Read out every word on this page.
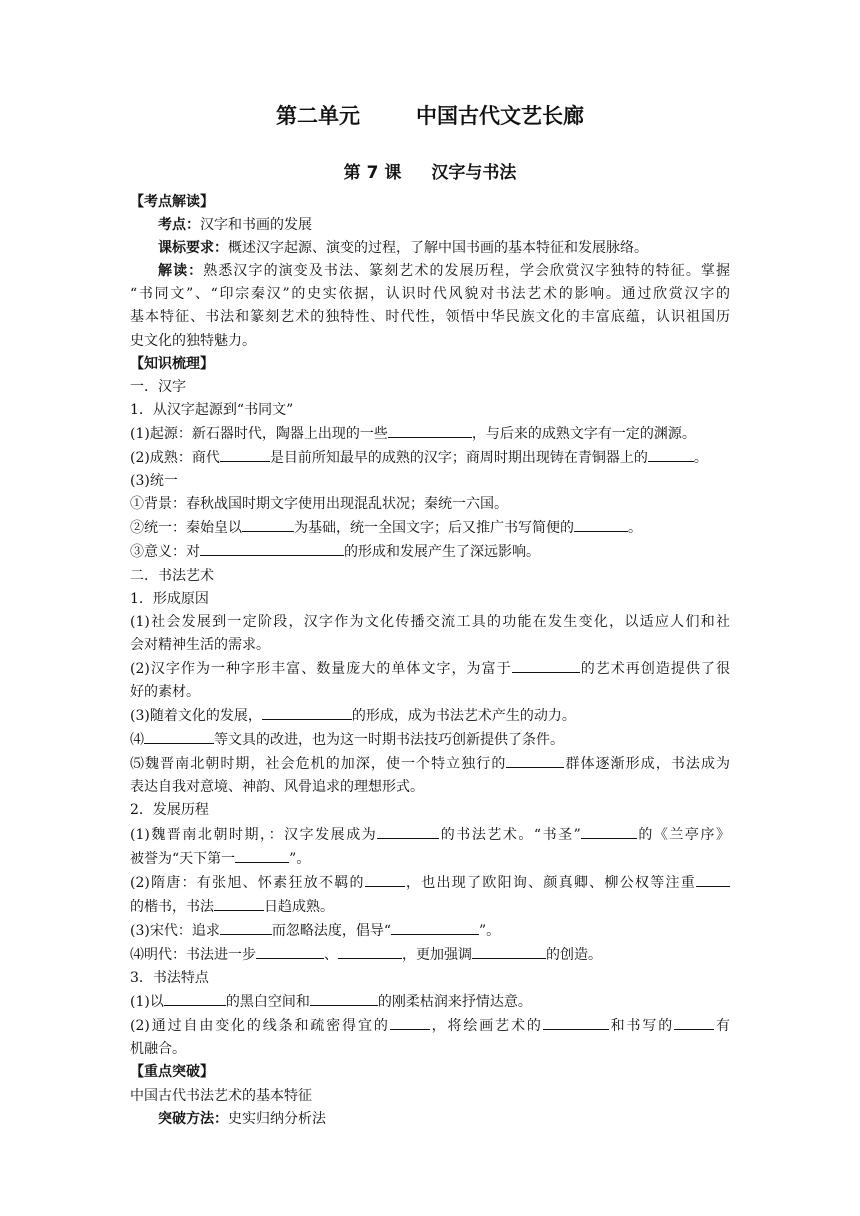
第二单元	中国古代文艺长廊
第 7 课 汉字与书法

【考点解读】

考点：汉字和书画的发展

课标要求：概述汉字起源、演变的过程，了解中国书画的基本特征和发展脉络。

解读：熟悉汉字的演变及书法、篆刻艺术的发展历程，学会欣赏汉字独特的特征。掌握

“书同文”、“印宗秦汉”的史实依据，认识时代风貌对书法艺术的影响。通过欣赏汉字的

基本特征、书法和篆刻艺术的独特性、时代性，领悟中华民族文化的丰富底蕴，认识祖国历

史文化的独特魅力。

【知识梳理】

一．汉字

1．从汉字起源到“书同文”

(1)起源：新石器时代，陶器上出现的一些	，与后来的成熟文字有一定的渊源。

(2)成熟：商代	是目前所知最早的成熟的汉字；商周时期出现铸在青铜器上的	。

(3)统一

①背景：春秋战国时期文字使用出现混乱状况；秦统一六国。

②统一：秦始皇以	为基础，统一全国文字；后又推广书写简便的	。

③意义：对	的形成和发展产生了深远影响。

二．书法艺术

1．形成原因

(1)社会发展到一定阶段，汉字作为文化传播交流工具的功能在发生变化，以适应人们和社

会对精神生活的需求。

(2)汉字作为一种字形丰富、数量庞大的单体文字，为富于	的艺术再创造提供了很

好的素材。

(3)随着文化的发展，	的形成，成为书法艺术产生的动力。

⑷	等文具的改进，也为这一时期书法技巧创新提供了条件。

⑸魏晋南北朝时期，社会危机的加深，使一个特立独行的	群体逐渐形成，书法成为

表达自我对意境、神韵、风骨追求的理想形式。

2．发展历程

(1)魏晋南北朝时期，：汉字发展成为	的书法艺术。“书圣”	的《兰亭序》

被誉为“天下第一	”。

(2)隋唐：有张旭、怀素狂放不羁的	，也出现了欧阳询、颜真卿、柳公权等注重

的楷书，书法	日趋成熟。

(3)宋代：追求	而忽略法度，倡导“	”。

⑷明代：书法进一步	、	，更加强调	的创造。

3．书法特点

(1)以	的黑白空间和	的刚柔枯润来抒情达意。

(2)通过自由变化的线条和疏密得宜的	，将绘画艺术的	和书写的	有

机融合。

【重点突破】

中国古代书法艺术的基本特征

突破方法：史实归纳分析法
